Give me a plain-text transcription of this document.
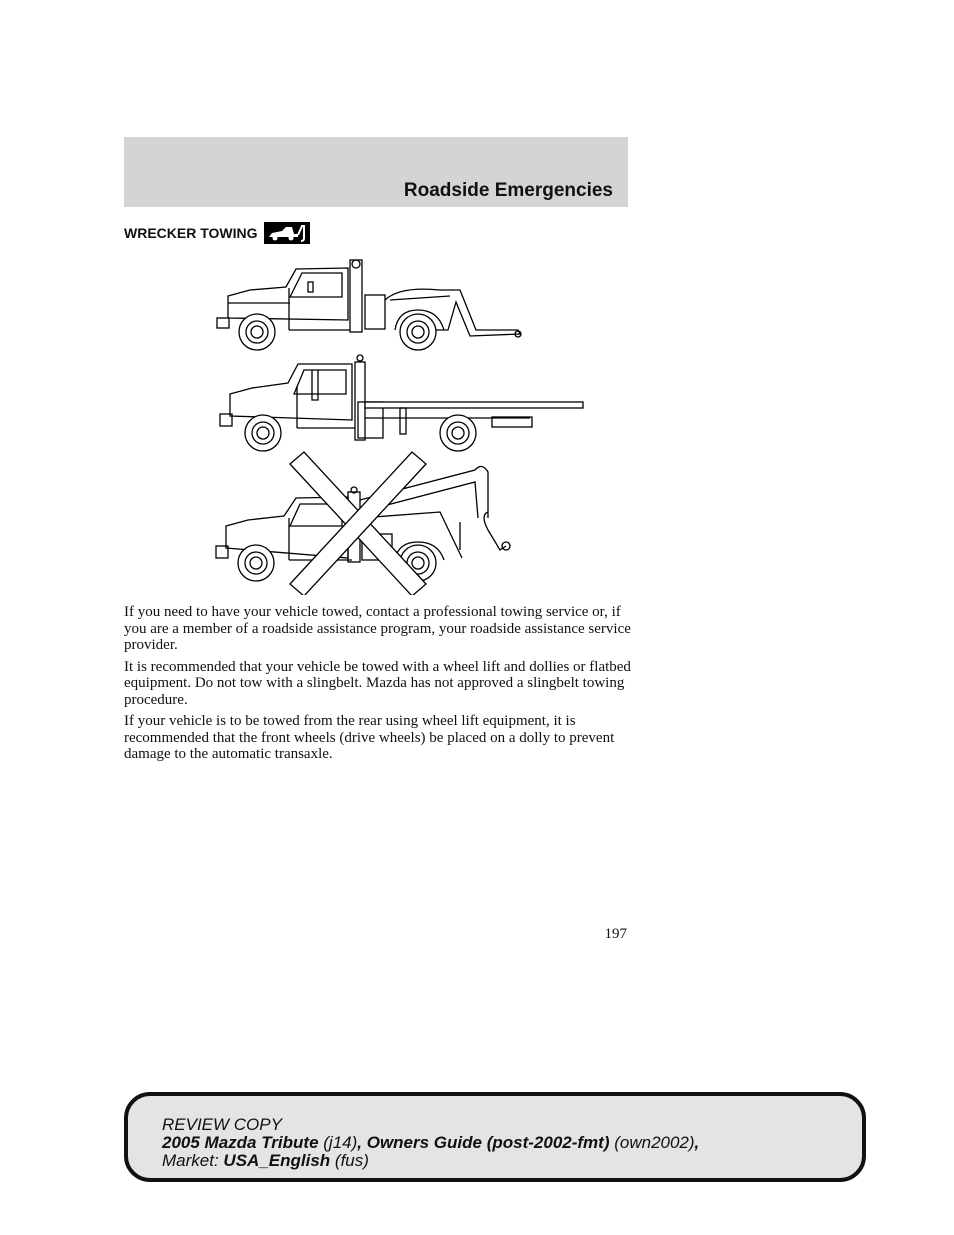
Roadside Emergencies
WRECKER TOWING

If you need to have your vehicle towed, contact a professional towing service or, if you are a member of a roadside assistance program, your roadside assistance service provider.

It is recommended that your vehicle be towed with a wheel lift and dollies or flatbed equipment. Do not tow with a slingbelt. Mazda has not approved a slingbelt towing procedure.

If your vehicle is to be towed from the rear using wheel lift equipment, it is recommended that the front wheels (drive wheels) be placed on a dolly to prevent damage to the automatic transaxle.

197
REVIEW COPY
2005 Mazda Tribute (j14), Owners Guide (post-2002-fmt) (own2002),
Market: USA_English (fus)
